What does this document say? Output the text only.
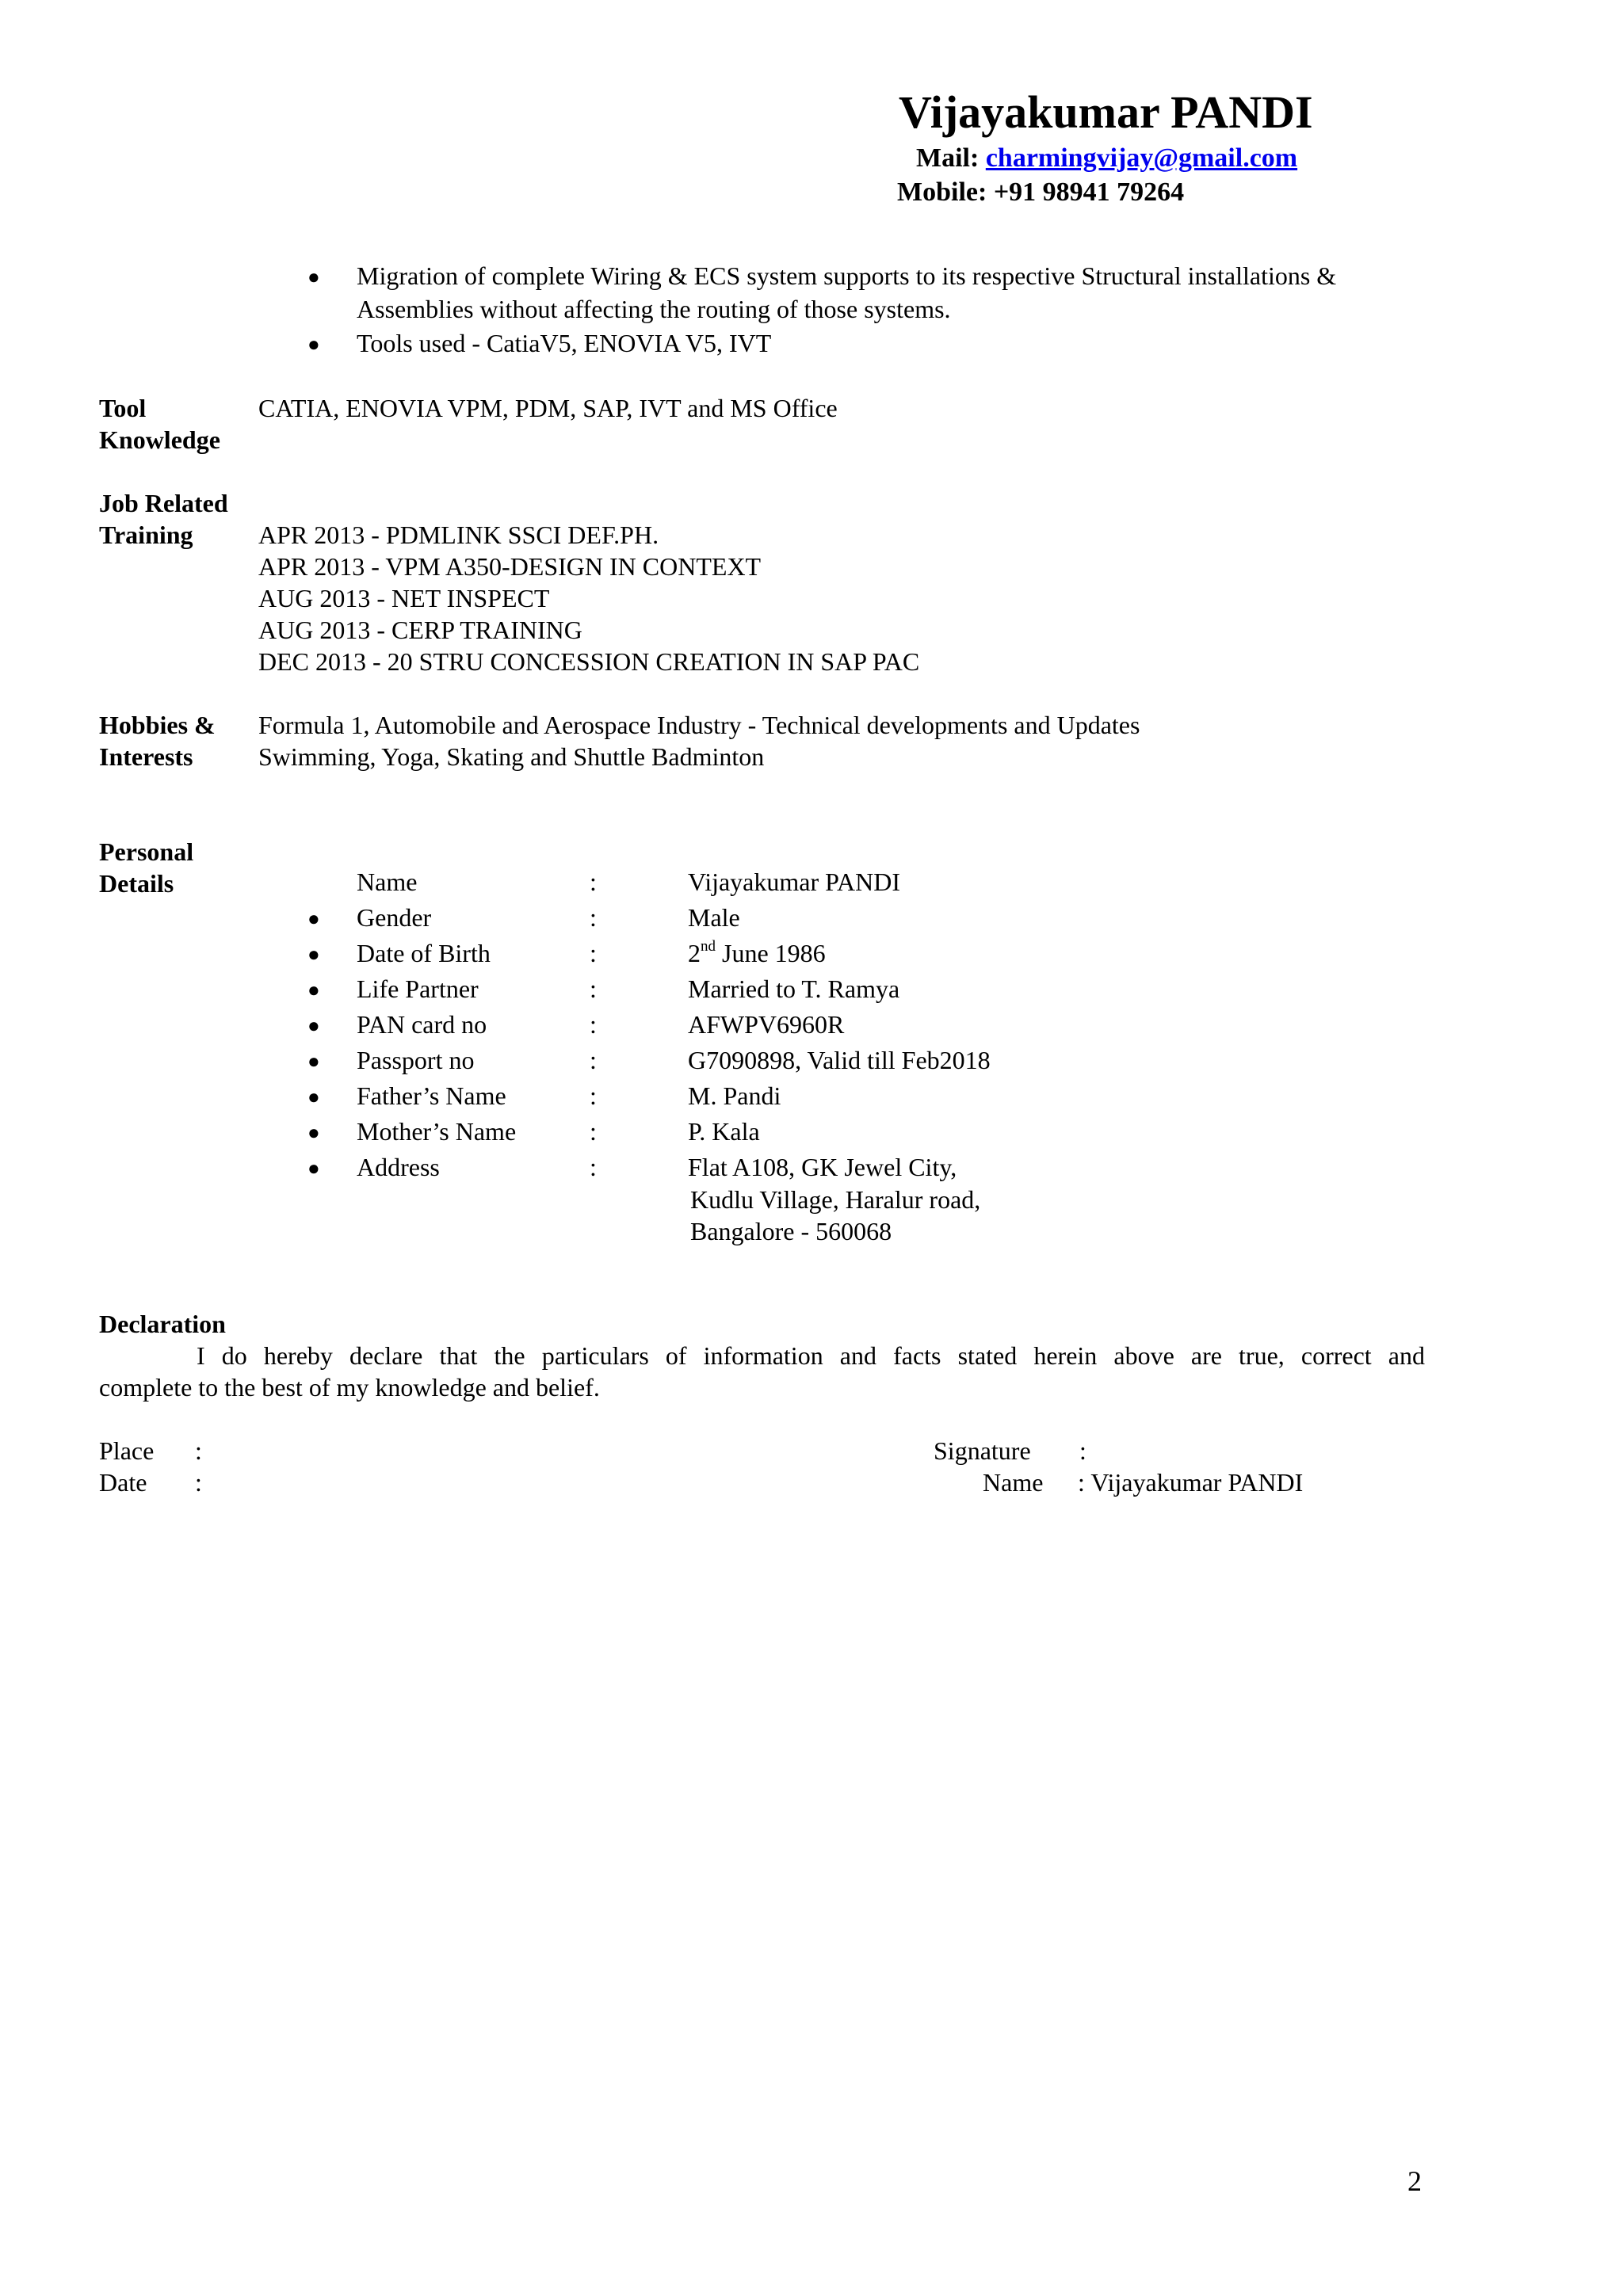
Vijayakumar PANDI
Mail: charmingvijay@gmail.com
Mobile: +91 98941 79264
● Migration of complete Wiring & ECS system supports to its respective Structural installations &
Assemblies without affecting the routing of those systems.
● Tools used - CatiaV5, ENOVIA V5, IVT
Tool
Knowledge
CATIA, ENOVIA VPM, PDM, SAP, IVT and MS Office
Job Related
Training	APR 2013 - PDMLINK SSCI DEF.PH.
APR 2013 - VPM A350-DESIGN IN CONTEXT
AUG 2013 - NET INSPECT
AUG 2013 - CERP TRAINING
DEC 2013 - 20 STRU CONCESSION CREATION IN SAP PAC
Hobbies &
Interests
Formula 1, Automobile and Aerospace Industry - Technical developments and Updates
Swimming, Yoga, Skating and Shuttle Badminton
Personal
Details	Name	:	Vijayakumar PANDI
● Gender	:	Male
● Date of Birth	:	2nd June 1986
● Life Partner	:	Married to T. Ramya
● PAN card no	:	AFWPV6960R
● Passport no	:	G7090898, Valid till Feb2018
● Father’s Name	:	M. Pandi
● Mother’s Name	:	P. Kala
● Address	:	Flat A108, GK Jewel City,
Kudlu Village, Haralur road,
Bangalore - 560068
Declaration
I do hereby declare that the particulars of information and facts stated herein above are true, correct and
complete to the best of my knowledge and belief.
Place :
Date :
Signature :
Name : Vijayakumar PANDI
2
